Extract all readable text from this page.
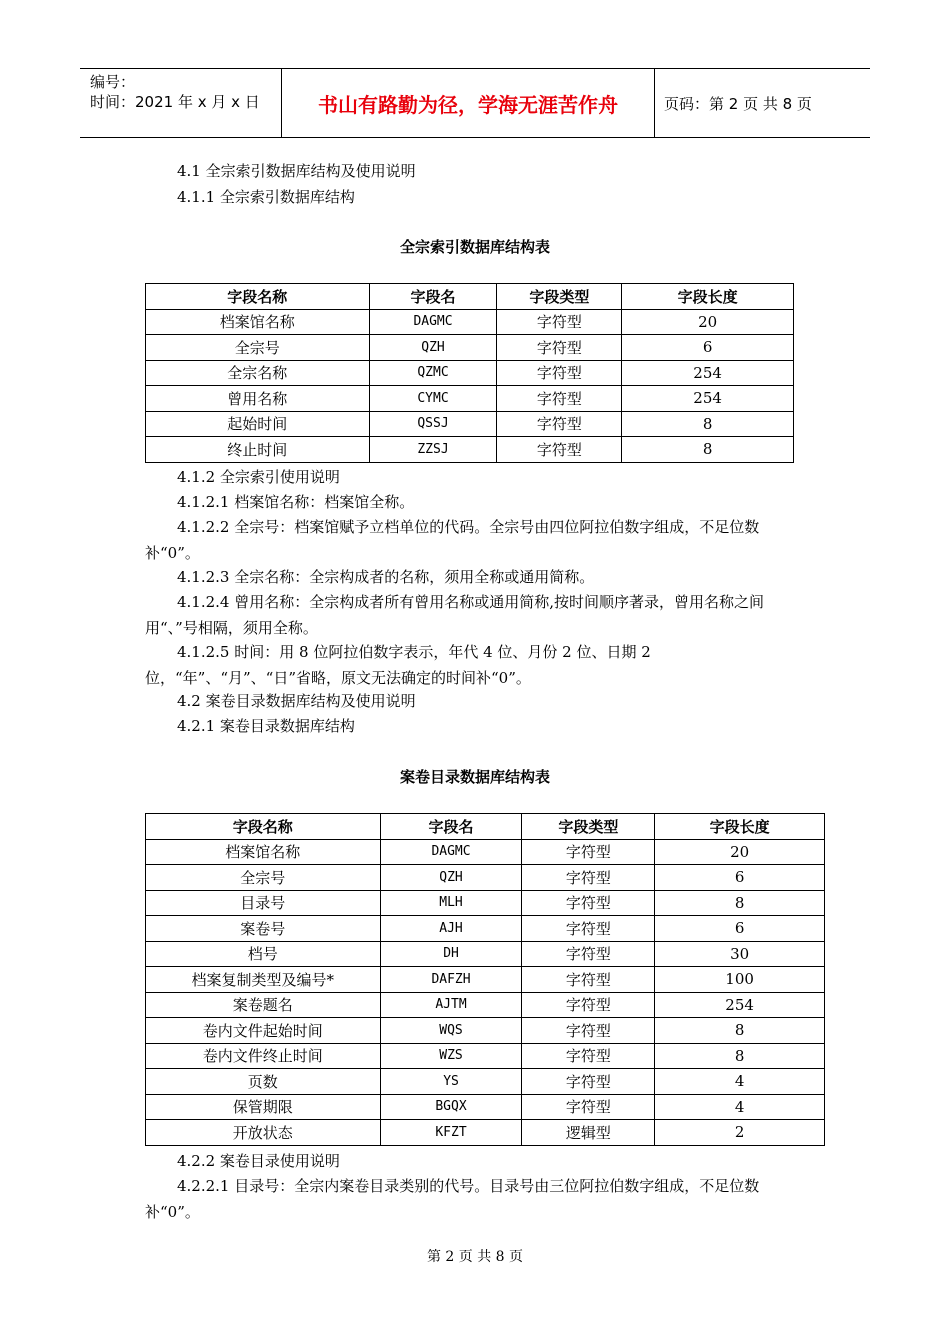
编号：
时间：2021 年 x 月 x 日	书山有路勤为径，学海无涯苦作舟	页码：第 2 页 共 8 页
4.1 全宗索引数据库结构及使用说明
4.1.1 全宗索引数据库结构
全宗索引数据库结构表
字段名称	字段名	字段类型	字段长度
档案馆名称	DAGMC	字符型	20
全宗号	QZH	字符型	6
全宗名称	QZMC	字符型	254
曾用名称	CYMC	字符型	254
起始时间	QSSJ	字符型	8
终止时间	ZZSJ	字符型	8
4.1.2 全宗索引使用说明
4.1.2.1 档案馆名称：档案馆全称。
4.1.2.2 全宗号：档案馆赋予立档单位的代码。全宗号由四位阿拉伯数字组成，不足位数补“0”。
4.1.2.3 全宗名称：全宗构成者的名称，须用全称或通用简称。
4.1.2.4 曾用名称：全宗构成者所有曾用名称或通用简称,按时间顺序著录，曾用名称之间用“、”号相隔，须用全称。
4.1.2.5 时间：用 8 位阿拉伯数字表示，年代 4 位、月份 2 位、日期 2 位，“年”、“月”、“日”省略，原文无法确定的时间补“0”。
4.2 案卷目录数据库结构及使用说明
4.2.1 案卷目录数据库结构
案卷目录数据库结构表
字段名称	字段名	字段类型	字段长度
档案馆名称	DAGMC	字符型	20
全宗号	QZH	字符型	6
目录号	MLH	字符型	8
案卷号	AJH	字符型	6
档号	DH	字符型	30
档案复制类型及编号*	DAFZH	字符型	100
案卷题名	AJTM	字符型	254
卷内文件起始时间	WQS	字符型	8
卷内文件终止时间	WZS	字符型	8
页数	YS	字符型	4
保管期限	BGQX	字符型	4
开放状态	KFZT	逻辑型	2
4.2.2 案卷目录使用说明
4.2.2.1 目录号：全宗内案卷目录类别的代号。目录号由三位阿拉伯数字组成，不足位数补“0”。
第 2 页 共 8 页
